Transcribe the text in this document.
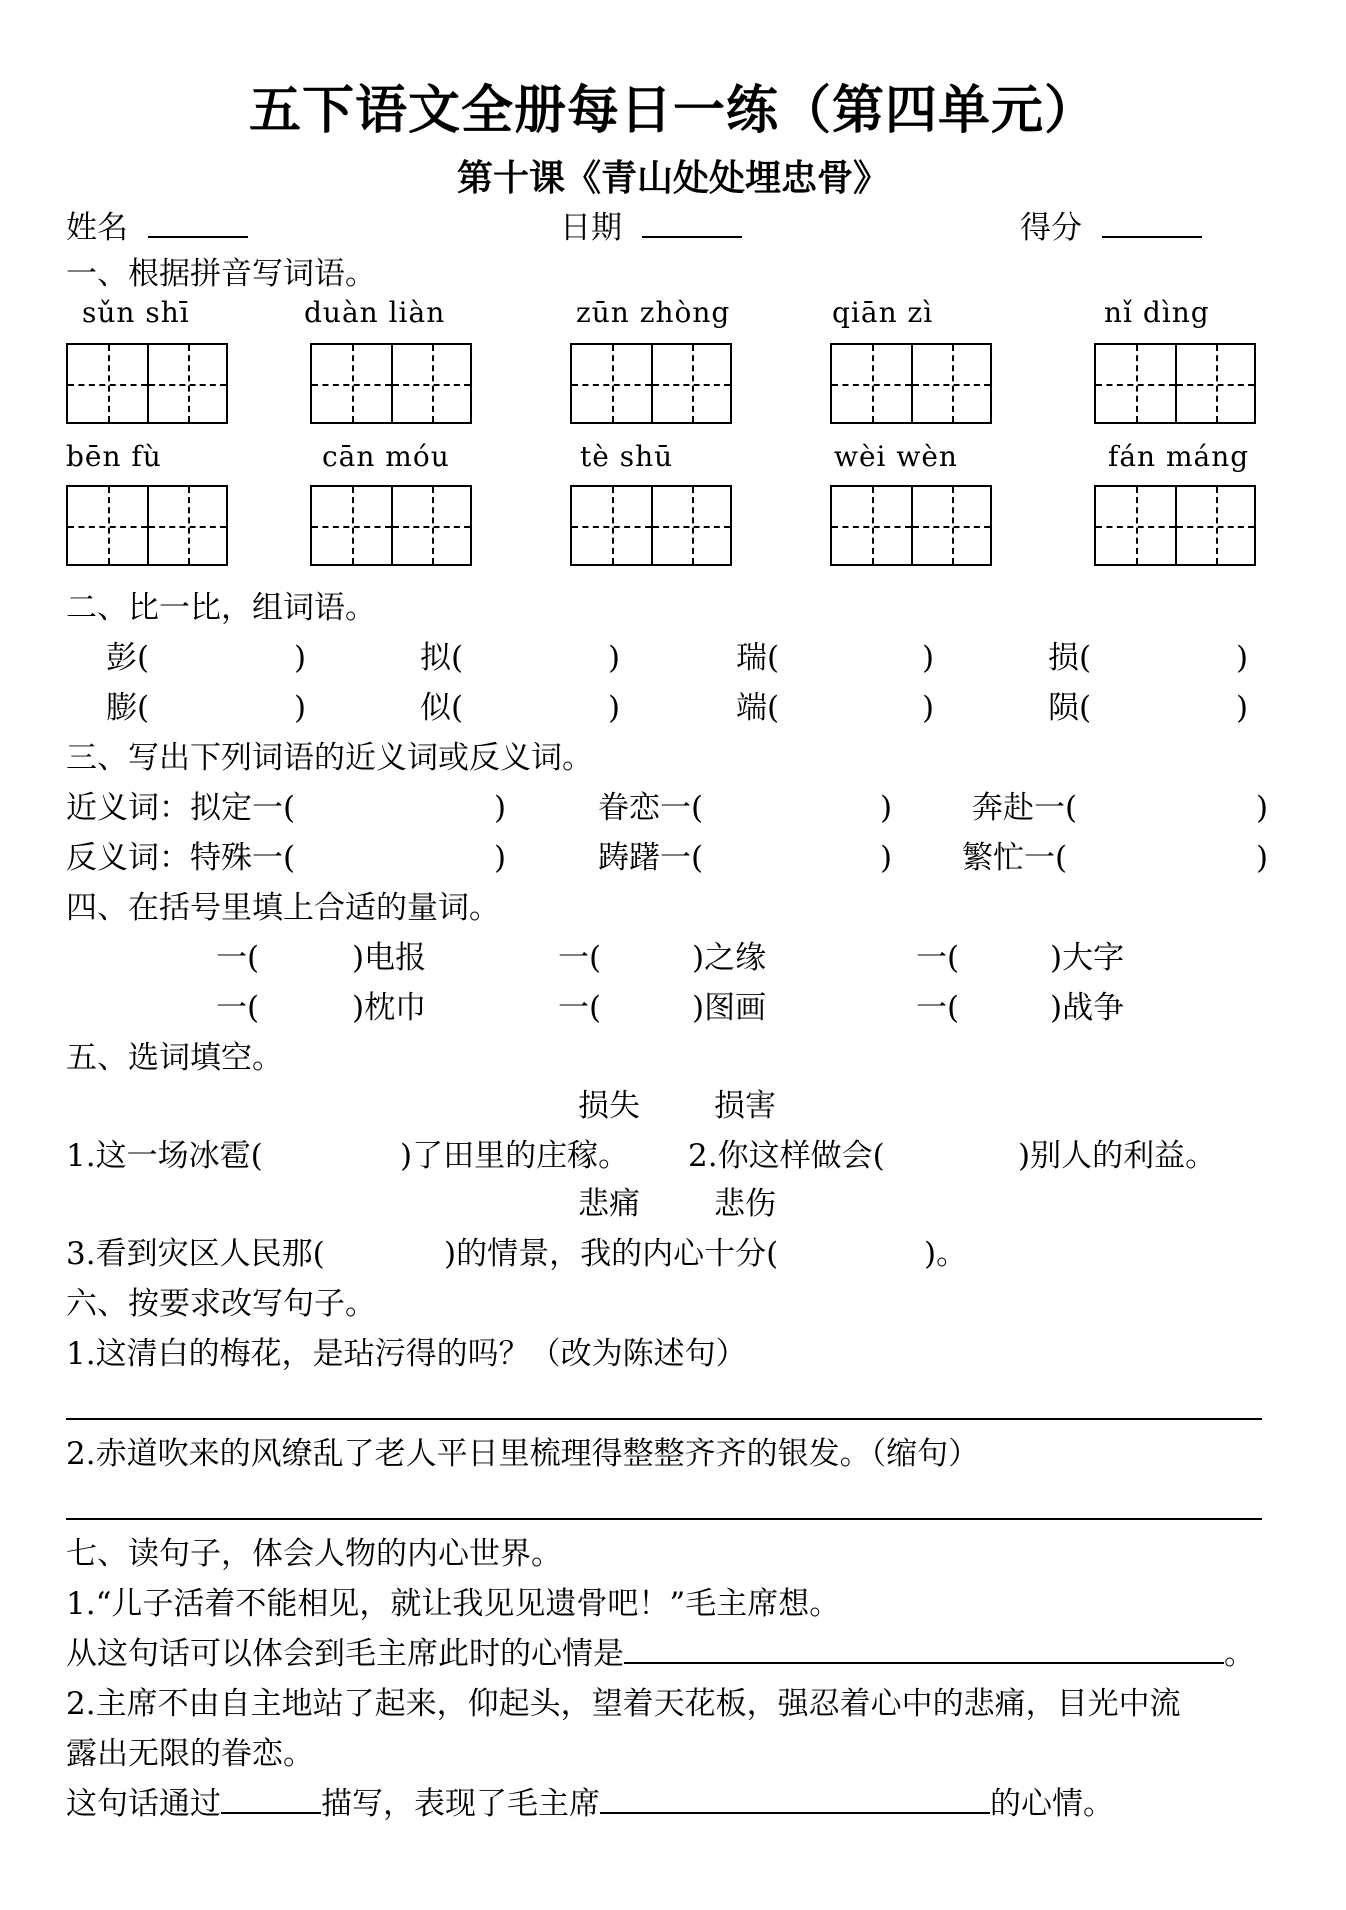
五下语文全册每日一练（第四单元）
第十课《青山处处埋忠骨》
姓名	日期	得分
一、根据拼音写词语。
sǔn shī	duàn liàn	zūn zhòng	qiān zì	nǐ dìng
bēn fù	cān móu	tè shū	wèi wèn	fán máng
二、比一比，组词语。
彭(	)	拟(	)	瑞(	)	损(	)
膨(	)	似(	)	端(	)	陨(	)
三、写出下列词语的近义词或反义词。
近义词：拟定一(	)	眷恋一(	)	奔赴一(	)
反义词：特殊一(	)	踌躇一(	) 繁忙一(	)
四、在括号里填上合适的量词。
一(	)电报	一(	)之缘	一(	)大字
一(	)枕巾	一(	)图画	一(	)战争
五、选词填空。
损失 损害
1.这一场冰雹(	)了田里的庄稼。 2.你这样做会(	)别人的利益。
悲痛 悲伤
3.看到灾区人民那(	)的情景，我的内心十分(	)。
六、按要求改写句子。
1.这清白的梅花，是玷污得的吗？（改为陈述句）
2.赤道吹来的风缭乱了老人平日里梳理得整整齐齐的银发。（缩句）
七、读句子，体会人物的内心世界。
1.“儿子活着不能相见，就让我见见遗骨吧！”毛主席想。
从这句话可以体会到毛主席此时的心情是	。
2.主席不由自主地站了起来，仰起头，望着天花板，强忍着心中的悲痛，目光中流
露出无限的眷恋。
这句话通过	描写，表现了毛主席	的心情。
